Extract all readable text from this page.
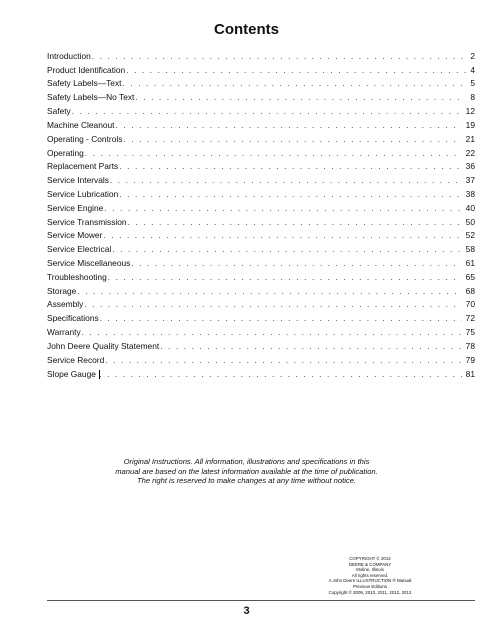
Contents
Introduction . . .	2
Product Identification . . .	4
Safety Labels—Text . . .	5
Safety Labels—No Text . . .	8
Safety . . .	12
Machine Cleanout . . .	19
Operating - Controls . . .	21
Operating . . .	22
Replacement Parts . . .	36
Service Intervals . . .	37
Service Lubrication . . .	38
Service Engine . . .	40
Service Transmission . . .	50
Service Mower . . .	52
Service Electrical . . .	58
Service Miscellaneous . . .	61
Troubleshooting . . .	65
Storage . . .	68
Assembly . . .	70
Specifications . . .	72
Warranty . . .	75
John Deere Quality Statement . . .	78
Service Record . . .	79
Slope Gauge . . .	81
Original Instructions. All information, illustrations and specifications in this
manual are based on the latest information available at the time of publication.
The right is reserved to make changes at any time without notice.
COPYRIGHT © 2014
DEERE & COMPANY
Moline, Illinois
All rights reserved.
A John Deere ILLUSTRUCTION ® Manual
Previous Editions
Copyright © 2009, 2010, 2011, 2012, 2013
3
